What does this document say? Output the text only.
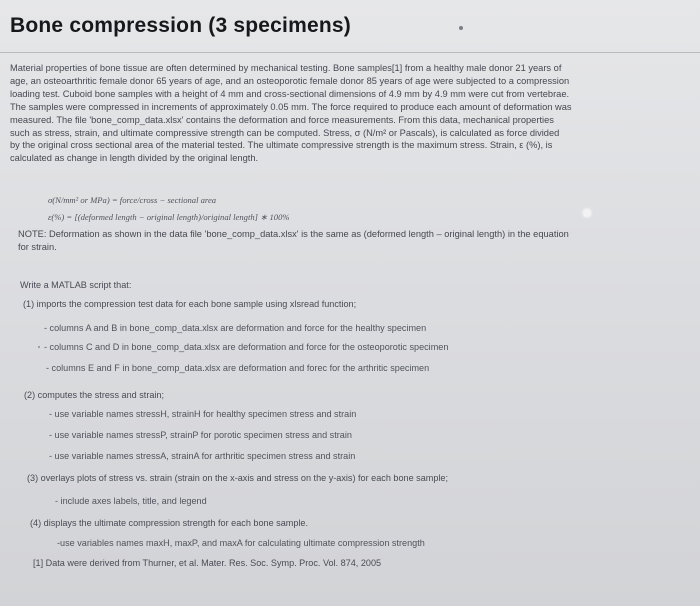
Bone compression (3 specimens)

Material properties of bone tissue are often determined by mechanical testing. Bone samples[1] from a healthy male donor 21 years of

age, an osteoarthritic female donor 65 years of age, and an osteoporotic female donor 85 years of age were subjected to a compression

loading test. Cuboid bone samples with a height of 4 mm and cross-sectional dimensions of 4.9 mm by 4.9 mm were cut from vertebrae.

The samples were compressed in increments of approximately 0.05 mm. The force required to produce each amount of deformation was

measured. The file 'bone_comp_data.xlsx' contains the deformation and force measurements. From this data, mechanical properties

such as stress, strain, and ultimate compressive strength can be computed. Stress, σ (N/m² or Pascals), is calculated as force divided

by the original cross sectional area of the material tested. The ultimate compressive strength is the maximum stress. Strain, ε (%), is

calculated as change in length divided by the original length.

σ(N/mm² or MPa) = force/cross − sectional area
ε(%) = [(deformed length − original length)/original length] ∗ 100%

NOTE: Deformation as shown in the data file 'bone_comp_data.xlsx' is the same as (deformed length – original length) in the equation

for strain.

Write a MATLAB script that:
(1) imports the compression test data for each bone sample using xlsread function;
- columns A and B in bone_comp_data.xlsx are deformation and force for the healthy specimen
- columns C and D in bone_comp_data.xlsx are deformation and force for the osteoporotic specimen
- columns E and F in bone_comp_data.xlsx are deformation and forec for the arthritic specimen
(2) computes the stress and strain;
- use variable names stressH, strainH for healthy specimen stress and strain
- use variable names stressP, strainP for porotic specimen stress and strain
- use variable names stressA, strainA for arthritic specimen stress and strain
(3) overlays plots of stress vs. strain (strain on the x-axis and stress on the y-axis) for each bone sample;
- include axes labels, title, and legend
(4) displays the ultimate compression strength for each bone sample.
-use variables names maxH, maxP, and maxA for calculating ultimate compression strength
[1] Data were derived from Thurner, et al. Mater. Res. Soc. Symp. Proc. Vol. 874, 2005
